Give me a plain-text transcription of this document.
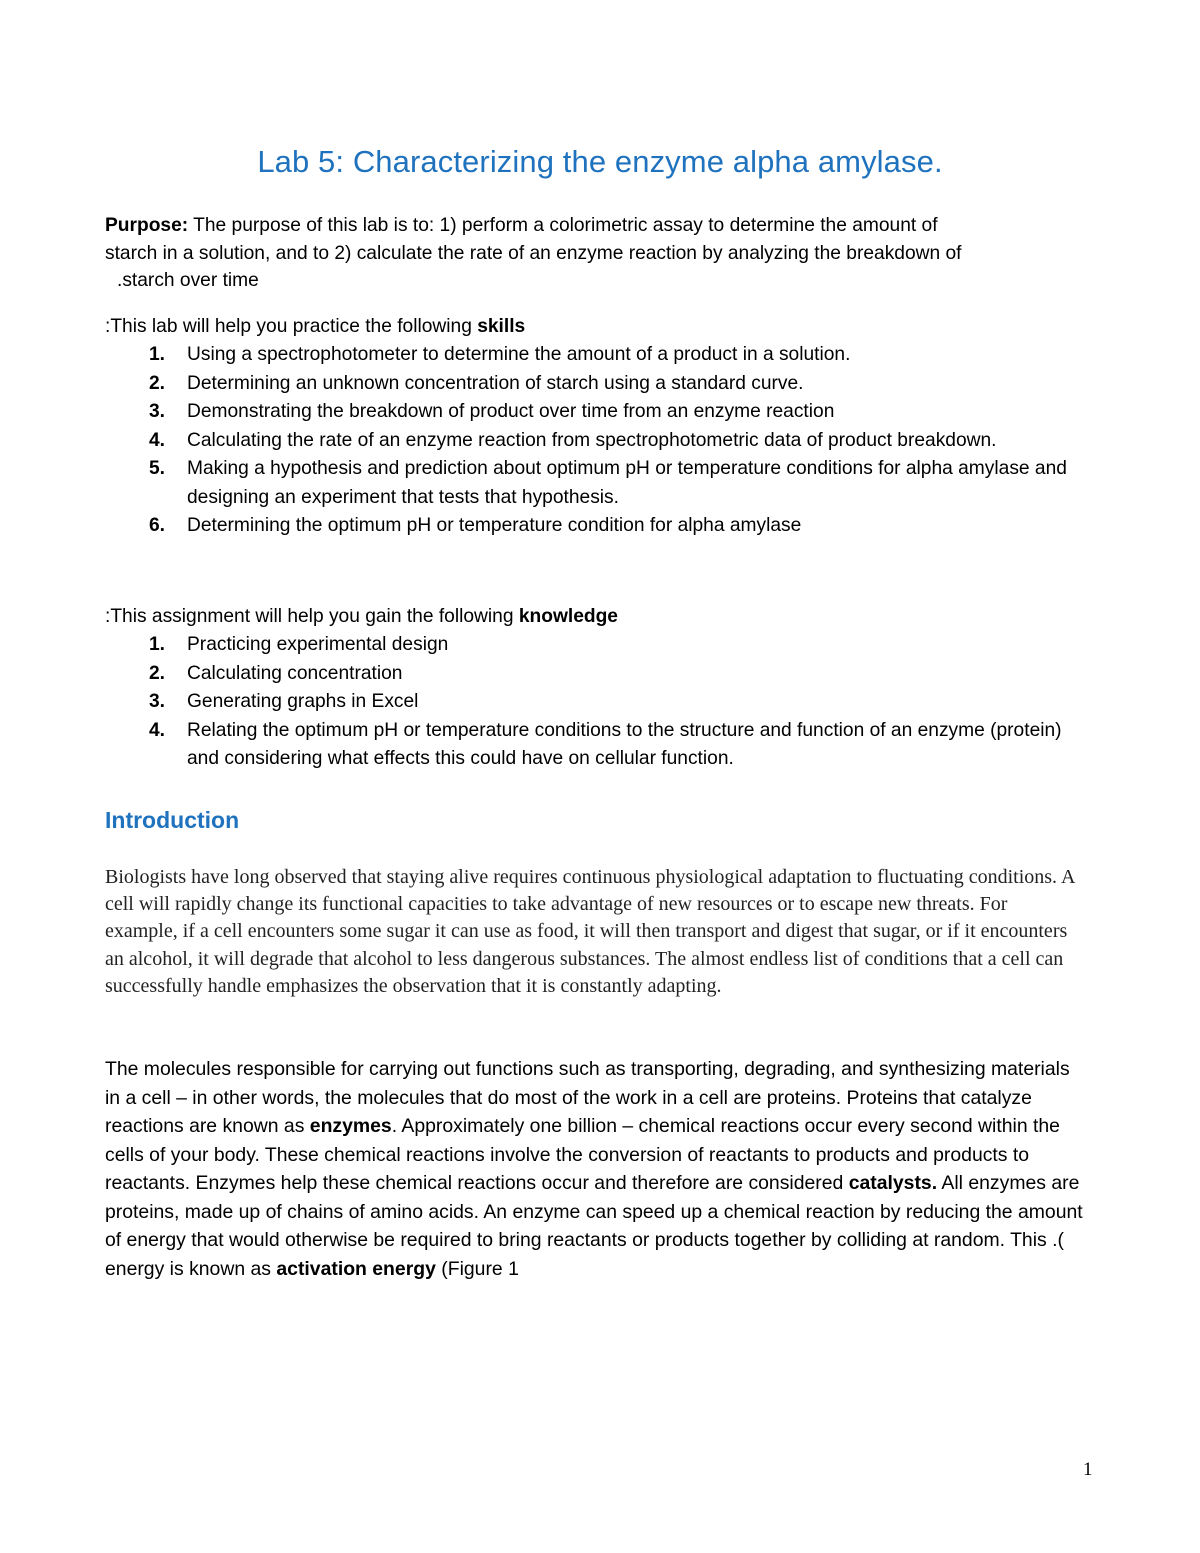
Lab 5: Characterizing the enzyme alpha amylase.
Purpose: The purpose of this lab is to: 1) perform a colorimetric assay to determine the amount of
starch in a solution, and to 2) calculate the rate of an enzyme reaction by analyzing the breakdown of
.starch over time
:This lab will help you practice the following skills
1. Using a spectrophotometer to determine the amount of a product in a solution.
2. Determining an unknown concentration of starch using a standard curve.
3. Demonstrating the breakdown of product over time from an enzyme reaction
4. Calculating the rate of an enzyme reaction from spectrophotometric data of product breakdown.
5. Making a hypothesis and prediction about optimum pH or temperature conditions for alpha amylase and designing an experiment that tests that hypothesis.
6. Determining the optimum pH or temperature condition for alpha amylase
:This assignment will help you gain the following knowledge
1. Practicing experimental design
2. Calculating concentration
3. Generating graphs in Excel
4. Relating the optimum pH or temperature conditions to the structure and function of an enzyme (protein) and considering what effects this could have on cellular function.
Introduction
Biologists have long observed that staying alive requires continuous physiological adaptation to fluctuating conditions. A cell will rapidly change its functional capacities to take advantage of new resources or to escape new threats. For example, if a cell encounters some sugar it can use as food, it will then transport and digest that sugar, or if it encounters an alcohol, it will degrade that alcohol to less dangerous substances. The almost endless list of conditions that a cell can successfully handle emphasizes the observation that it is constantly adapting.
The molecules responsible for carrying out functions such as transporting, degrading, and synthesizing materials in a cell – in other words, the molecules that do most of the work in a cell are proteins. Proteins that catalyze reactions are known as enzymes. Approximately one billion – chemical reactions occur every second within the cells of your body. These chemical reactions involve the conversion of reactants to products and products to reactants. Enzymes help these chemical reactions occur and therefore are considered catalysts. All enzymes are proteins, made up of chains of amino acids. An enzyme can speed up a chemical reaction by reducing the amount of energy that would otherwise be required to bring reactants or products together by colliding at random. This .( energy is known as activation energy (Figure 1
1
